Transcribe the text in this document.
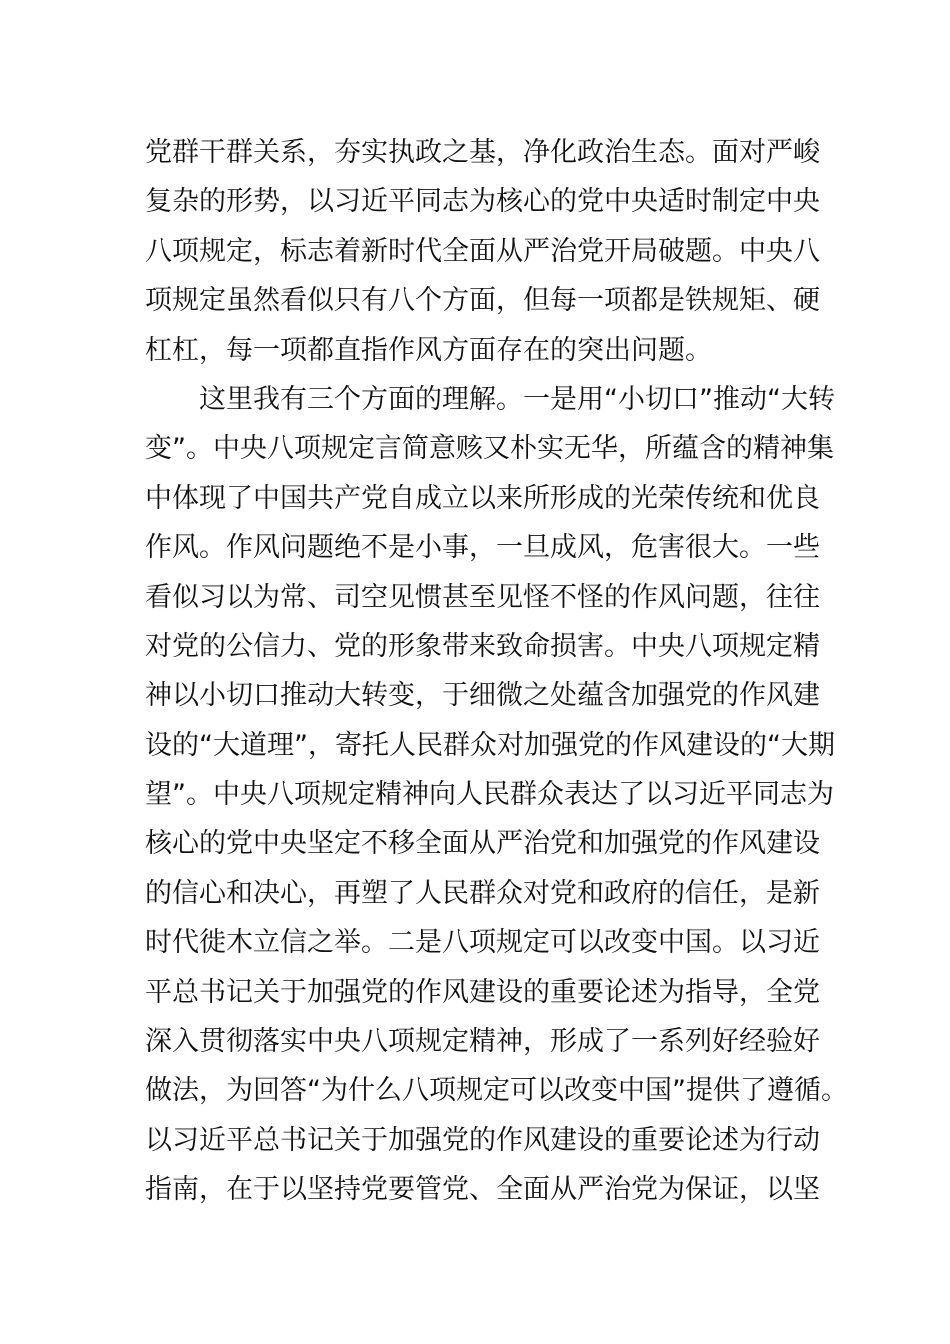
党群干群关系，夯实执政之基，净化政治生态。面对严峻
复杂的形势，以习近平同志为核心的党中央适时制定中央
八项规定，标志着新时代全面从严治党开局破题。中央八
项规定虽然看似只有八个方面，但每一项都是铁规矩、硬
杠杠，每一项都直指作风方面存在的突出问题。
这里我有三个方面的理解。一是用“小切口”推动“大转
变”。中央八项规定言简意赅又朴实无华，所蕴含的精神集
中体现了中国共产党自成立以来所形成的光荣传统和优良
作风。作风问题绝不是小事，一旦成风，危害很大。一些
看似习以为常、司空见惯甚至见怪不怪的作风问题，往往
对党的公信力、党的形象带来致命损害。中央八项规定精
神以小切口推动大转变，于细微之处蕴含加强党的作风建
设的“大道理”，寄托人民群众对加强党的作风建设的“大期
望”。中央八项规定精神向人民群众表达了以习近平同志为
核心的党中央坚定不移全面从严治党和加强党的作风建设
的信心和决心，再塑了人民群众对党和政府的信任，是新
时代徙木立信之举。二是八项规定可以改变中国。以习近
平总书记关于加强党的作风建设的重要论述为指导，全党
深入贯彻落实中央八项规定精神，形成了一系列好经验好
做法，为回答“为什么八项规定可以改变中国”提供了遵循。
以习近平总书记关于加强党的作风建设的重要论述为行动
指南，在于以坚持党要管党、全面从严治党为保证，以坚
